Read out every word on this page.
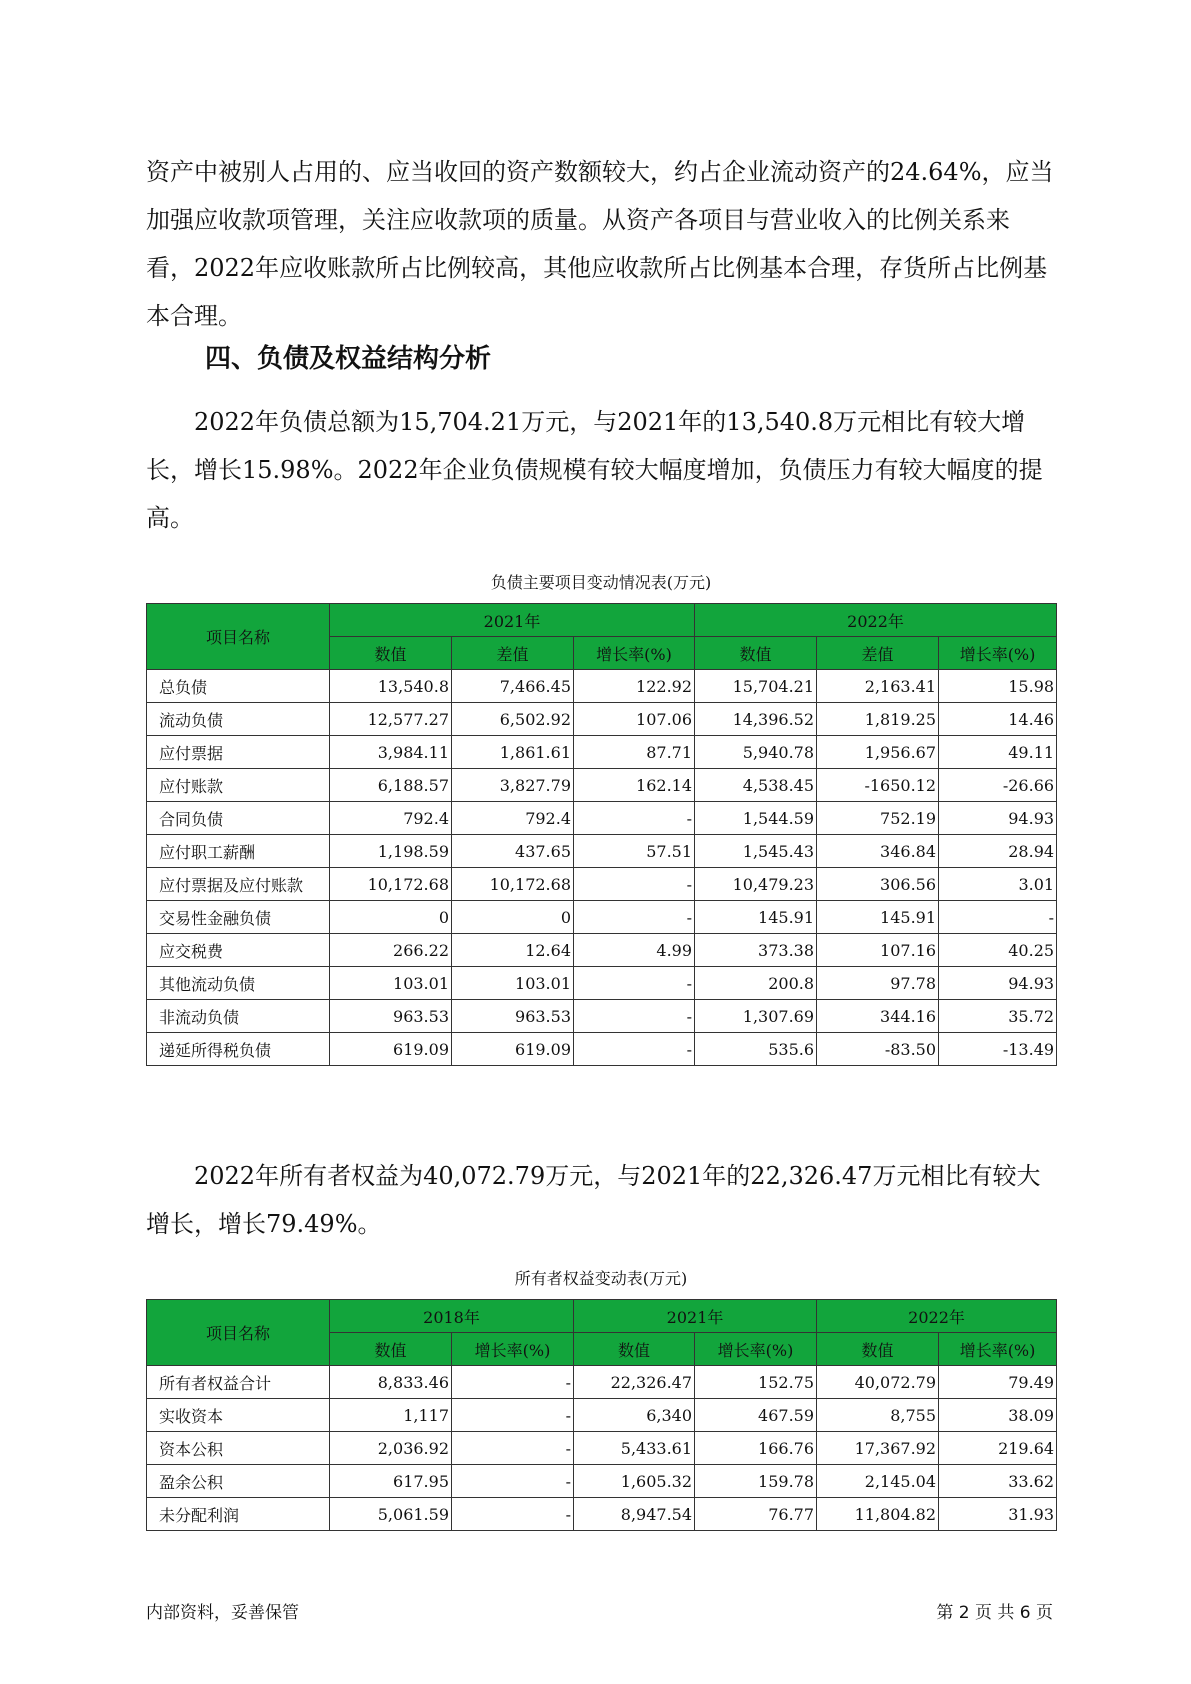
资产中被别人占用的、应当收回的资产数额较大，约占企业流动资产的24.64%，应当加强应收款项管理，关注应收款项的质量。从资产各项目与营业收入的比例关系来看，2022年应收账款所占比例较高，其他应收款所占比例基本合理，存货所占比例基本合理。

四、负债及权益结构分析

2022年负债总额为15,704.21万元，与2021年的13,540.8万元相比有较大增长，增长15.98%。2022年企业负债规模有较大幅度增加，负债压力有较大幅度的提高。

负债主要项目变动情况表(万元)
项目名称	2021年			2022年		
	数值	差值	增长率(%)	数值	差值	增长率(%)
总负债	13,540.8	7,466.45	122.92	15,704.21	2,163.41	15.98
流动负债	12,577.27	6,502.92	107.06	14,396.52	1,819.25	14.46
应付票据	3,984.11	1,861.61	87.71	5,940.78	1,956.67	49.11
应付账款	6,188.57	3,827.79	162.14	4,538.45	-1650.12	-26.66
合同负债	792.4	792.4	-	1,544.59	752.19	94.93
应付职工薪酬	1,198.59	437.65	57.51	1,545.43	346.84	28.94
应付票据及应付账款	10,172.68	10,172.68	-	10,479.23	306.56	3.01
交易性金融负债	0	0	-	145.91	145.91	-
应交税费	266.22	12.64	4.99	373.38	107.16	40.25
其他流动负债	103.01	103.01	-	200.8	97.78	94.93
非流动负债	963.53	963.53	-	1,307.69	344.16	35.72
递延所得税负债	619.09	619.09	-	535.6	-83.50	-13.49

2022年所有者权益为40,072.79万元，与2021年的22,326.47万元相比有较大增长，增长79.49%。

所有者权益变动表(万元)
项目名称	2018年		2021年		2022年	
	数值	增长率(%)	数值	增长率(%)	数值	增长率(%)
所有者权益合计	8,833.46	-	22,326.47	152.75	40,072.79	79.49
实收资本	1,117	-	6,340	467.59	8,755	38.09
资本公积	2,036.92	-	5,433.61	166.76	17,367.92	219.64
盈余公积	617.95	-	1,605.32	159.78	2,145.04	33.62
未分配利润	5,061.59	-	8,947.54	76.77	11,804.82	31.93
内部资料，妥善保管	第 2 页 共 6 页
